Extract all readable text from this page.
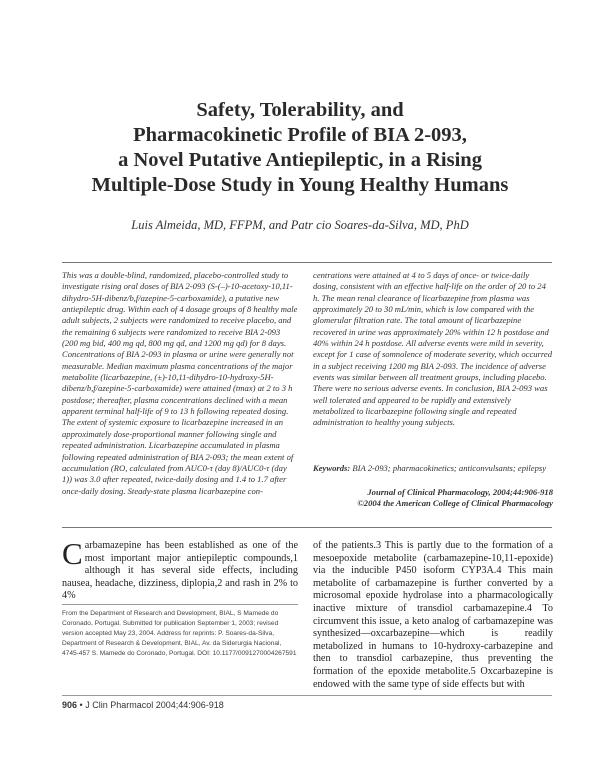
Safety, Tolerability, and
Pharmacokinetic Profile of BIA 2-093,
a Novel Putative Antiepileptic, in a Rising
Multiple-Dose Study in Young Healthy Humans
Luis Almeida, MD, FFPM, and Patr cio Soares-da-Silva, MD, PhD

This was a double-blind, randomized, placebo-controlled study to investigate rising oral doses of BIA 2-093 (S-(–)-10-acetoxy-10,11-dihydro-5H-dibenz/b,f/azepine-5-carboxamide), a putative new antiepileptic drug. Within each of 4 dosage groups of 8 healthy male adult subjects, 2 subjects were randomized to receive placebo, and the remaining 6 subjects were randomized to receive BIA 2-093 (200 mg bid, 400 mg qd, 800 mg qd, and 1200 mg qd) for 8 days. Concentrations of BIA 2-093 in plasma or urine were generally not measurable. Median maximum plasma concentrations of the major metabolite (licarbazepine, (±)-10,11-dihydro-10-hydroxy-5H-dibenz/b,f/azepine-5-carboxamide) were attained (tmax) at 2 to 3 h postdose; thereafter, plasma concentrations declined with a mean apparent terminal half-life of 9 to 13 h following repeated dosing. The extent of systemic exposure to licarbazepine increased in an approximately dose-proportional manner following single and repeated administration. Licarbazepine accumulated in plasma following repeated administration of BIA 2-093; the mean extent of accumulation (RO, calculated from AUC0-τ (day 8)/AUC0-τ (day 1)) was 3.0 after repeated, twice-daily dosing and 1.4 to 1.7 after once-daily dosing. Steady-state plasma licarbazepine con-

centrations were attained at 4 to 5 days of once- or twice-daily dosing, consistent with an effective half-life on the order of 20 to 24 h. The mean renal clearance of licarbazepine from plasma was approximately 20 to 30 mL/min, which is low compared with the glomerular filtration rate. The total amount of licarbazepine recovered in urine was approximately 20% within 12 h postdose and 40% within 24 h postdose. All adverse events were mild in severity, except for 1 case of somnolence of moderate severity, which occurred in a subject receiving 1200 mg BIA 2-093. The incidence of adverse events was similar between all treatment groups, including placebo. There were no serious adverse events. In conclusion, BIA 2-093 was well tolerated and appeared to be rapidly and extensively metabolized to licarbazepine following single and repeated administration to healthy young subjects.

Keywords: BIA 2-093; pharmacokinetics; anticonvulsants; epilepsy
Journal of Clinical Pharmacology, 2004;44:906-918
©2004 the American College of Clinical Pharmacology

C arbamazepine has been established as one of the most important major antiepileptic compounds,1 although it has several side effects, including nausea, headache, dizziness, diplopia,2 and rash in 2% to 4%

of the patients.3 This is partly due to the formation of a mesoepoxide metabolite (carbamazepine-10,11-epoxide) via the inducible P450 isoform CYP3A.4 This main metabolite of carbamazepine is further converted by a microsomal epoxide hydrolase into a pharmacologically inactive mixture of transdiol carbamazepine.4 To circumvent this issue, a keto analog of carbamazepine was synthesized—oxcarbazepine—which is readily metabolized in humans to 10-hydroxy-carbazepine and then to transdiol carbazepine, thus preventing the formation of the epoxide metabolite.5 Oxcarbazepine is endowed with the same type of side effects but with

From the Department of Research and Development, BIAL, S Mamede do Coronado, Portugal. Submitted for publication September 1, 2003; revised version accepted May 23, 2004. Address for reprints: P. Soares-da-Silva, Department of Research & Development, BIAL, Av. da Siderurgia Nacional, 4745-457 S. Mamede do Coronado, Portugal. DOI: 10.1177/0091270004267591

906 • J Clin Pharmacol 2004;44:906-918
